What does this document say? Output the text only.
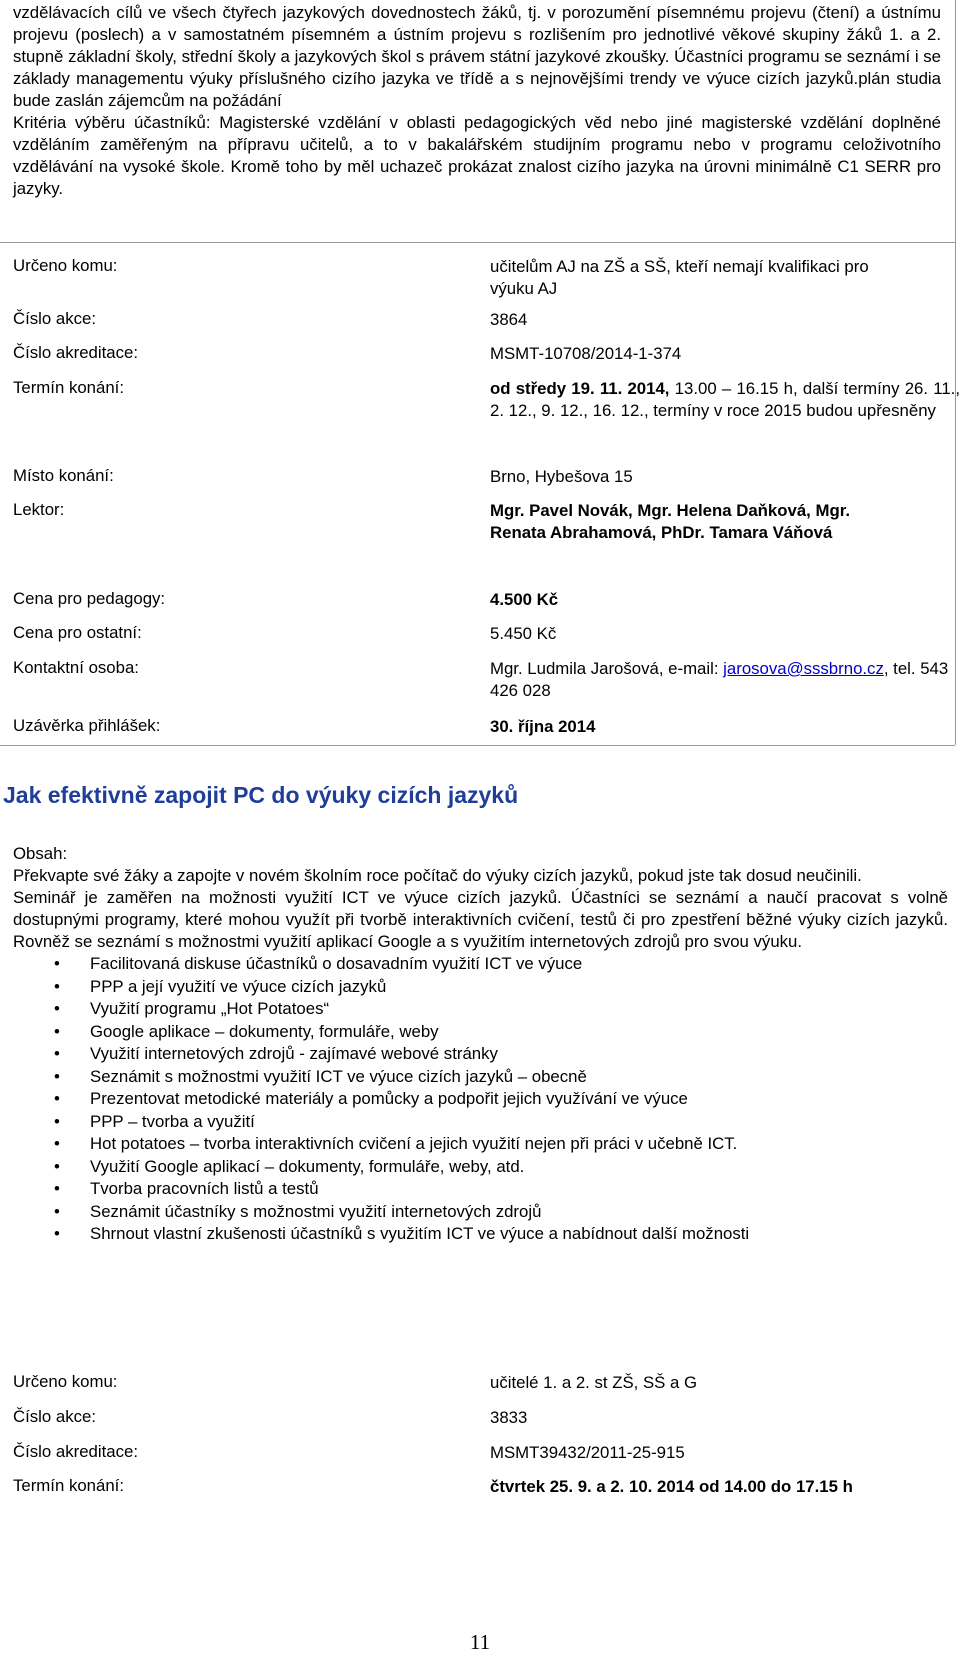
vzdělávacích cílů ve všech čtyřech jazykových dovednostech žáků, tj. v porozumění písemnému projevu (čtení) a ústnímu projevu (poslech) a v samostatném písemném a ústním projevu s rozlišením pro jednotlivé věkové skupiny žáků 1. a 2. stupně základní školy, střední školy a jazykových škol s právem státní jazykové zkoušky. Účastníci programu se seznámí i se základy managementu výuky příslušného cizího jazyka ve třídě a s nejnovějšími trendy ve výuce cizích jazyků.plán studia bude zaslán zájemcům na požádání

Kritéria výběru účastníků: Magisterské vzdělání v oblasti pedagogických věd nebo jiné magisterské vzdělání doplněné vzděláním zaměřeným na přípravu učitelů, a to v bakalářském studijním programu nebo v programu celoživotního vzdělávání na vysoké škole. Kromě toho by měl uchazeč prokázat znalost cizího jazyka na úrovni minimálně C1 SERR pro jazyky.

Určeno komu:	učitelům AJ na ZŠ a SŠ, kteří nemají kvalifikaci pro výuku AJ
Číslo akce:	3864
Číslo akreditace:	MSMT-10708/2014-1-374
Termín konání:	od středy 19. 11. 2014, 13.00 – 16.15 h, další termíny 26. 11., 2. 12., 9. 12., 16. 12., termíny v roce 2015 budou upřesněny
Místo konání:	Brno, Hybešova 15
Lektor:	Mgr. Pavel Novák, Mgr. Helena Daňková, Mgr. Renata Abrahamová, PhDr. Tamara Váňová
Cena pro pedagogy:	4.500 Kč
Cena pro ostatní:	5.450 Kč
Kontaktní osoba:	Mgr. Ludmila Jarošová, e-mail: jarosova@sssbrno.cz, tel. 543 426 028
Uzávěrka přihlášek:	30. října 2014
Jak efektivně zapojit PC do výuky cizích jazyků

Obsah:

Překvapte své žáky a zapojte v novém školním roce počítač do výuky cizích jazyků, pokud jste tak dosud neučinili.

Seminář je zaměřen na možnosti využití ICT ve výuce cizích jazyků. Účastníci se seznámí a naučí pracovat s volně dostupnými programy, které mohou využít při tvorbě interaktivních cvičení, testů či pro zpestření běžné výuky cizích jazyků. Rovněž se seznámí s možnostmi využití aplikací Google a s využitím internetových zdrojů pro svou výuku.

• Facilitovaná diskuse účastníků o dosavadním využití ICT ve výuce
• PPP a její využití ve výuce cizích jazyků
• Využití programu „Hot Potatoes“
• Google aplikace – dokumenty, formuláře, weby
• Využití internetových zdrojů - zajímavé webové stránky
• Seznámit s možnostmi využití ICT ve výuce cizích jazyků – obecně
• Prezentovat metodické materiály a pomůcky a podpořit jejich využívání ve výuce
• PPP – tvorba a využití
• Hot potatoes – tvorba interaktivních cvičení a jejich využití nejen při práci v učebně ICT.
• Využití Google aplikací – dokumenty, formuláře, weby, atd.
• Tvorba pracovních listů a testů
• Seznámit účastníky s možnostmi využití internetových zdrojů
• Shrnout vlastní zkušenosti účastníků s využitím ICT ve výuce a nabídnout další možnosti
Určeno komu:	učitelé 1. a 2. st ZŠ, SŠ a G
Číslo akce:	3833
Číslo akreditace:	MSMT39432/2011-25-915
Termín konání:	čtvrtek 25. 9. a 2. 10. 2014 od 14.00 do 17.15 h
11
